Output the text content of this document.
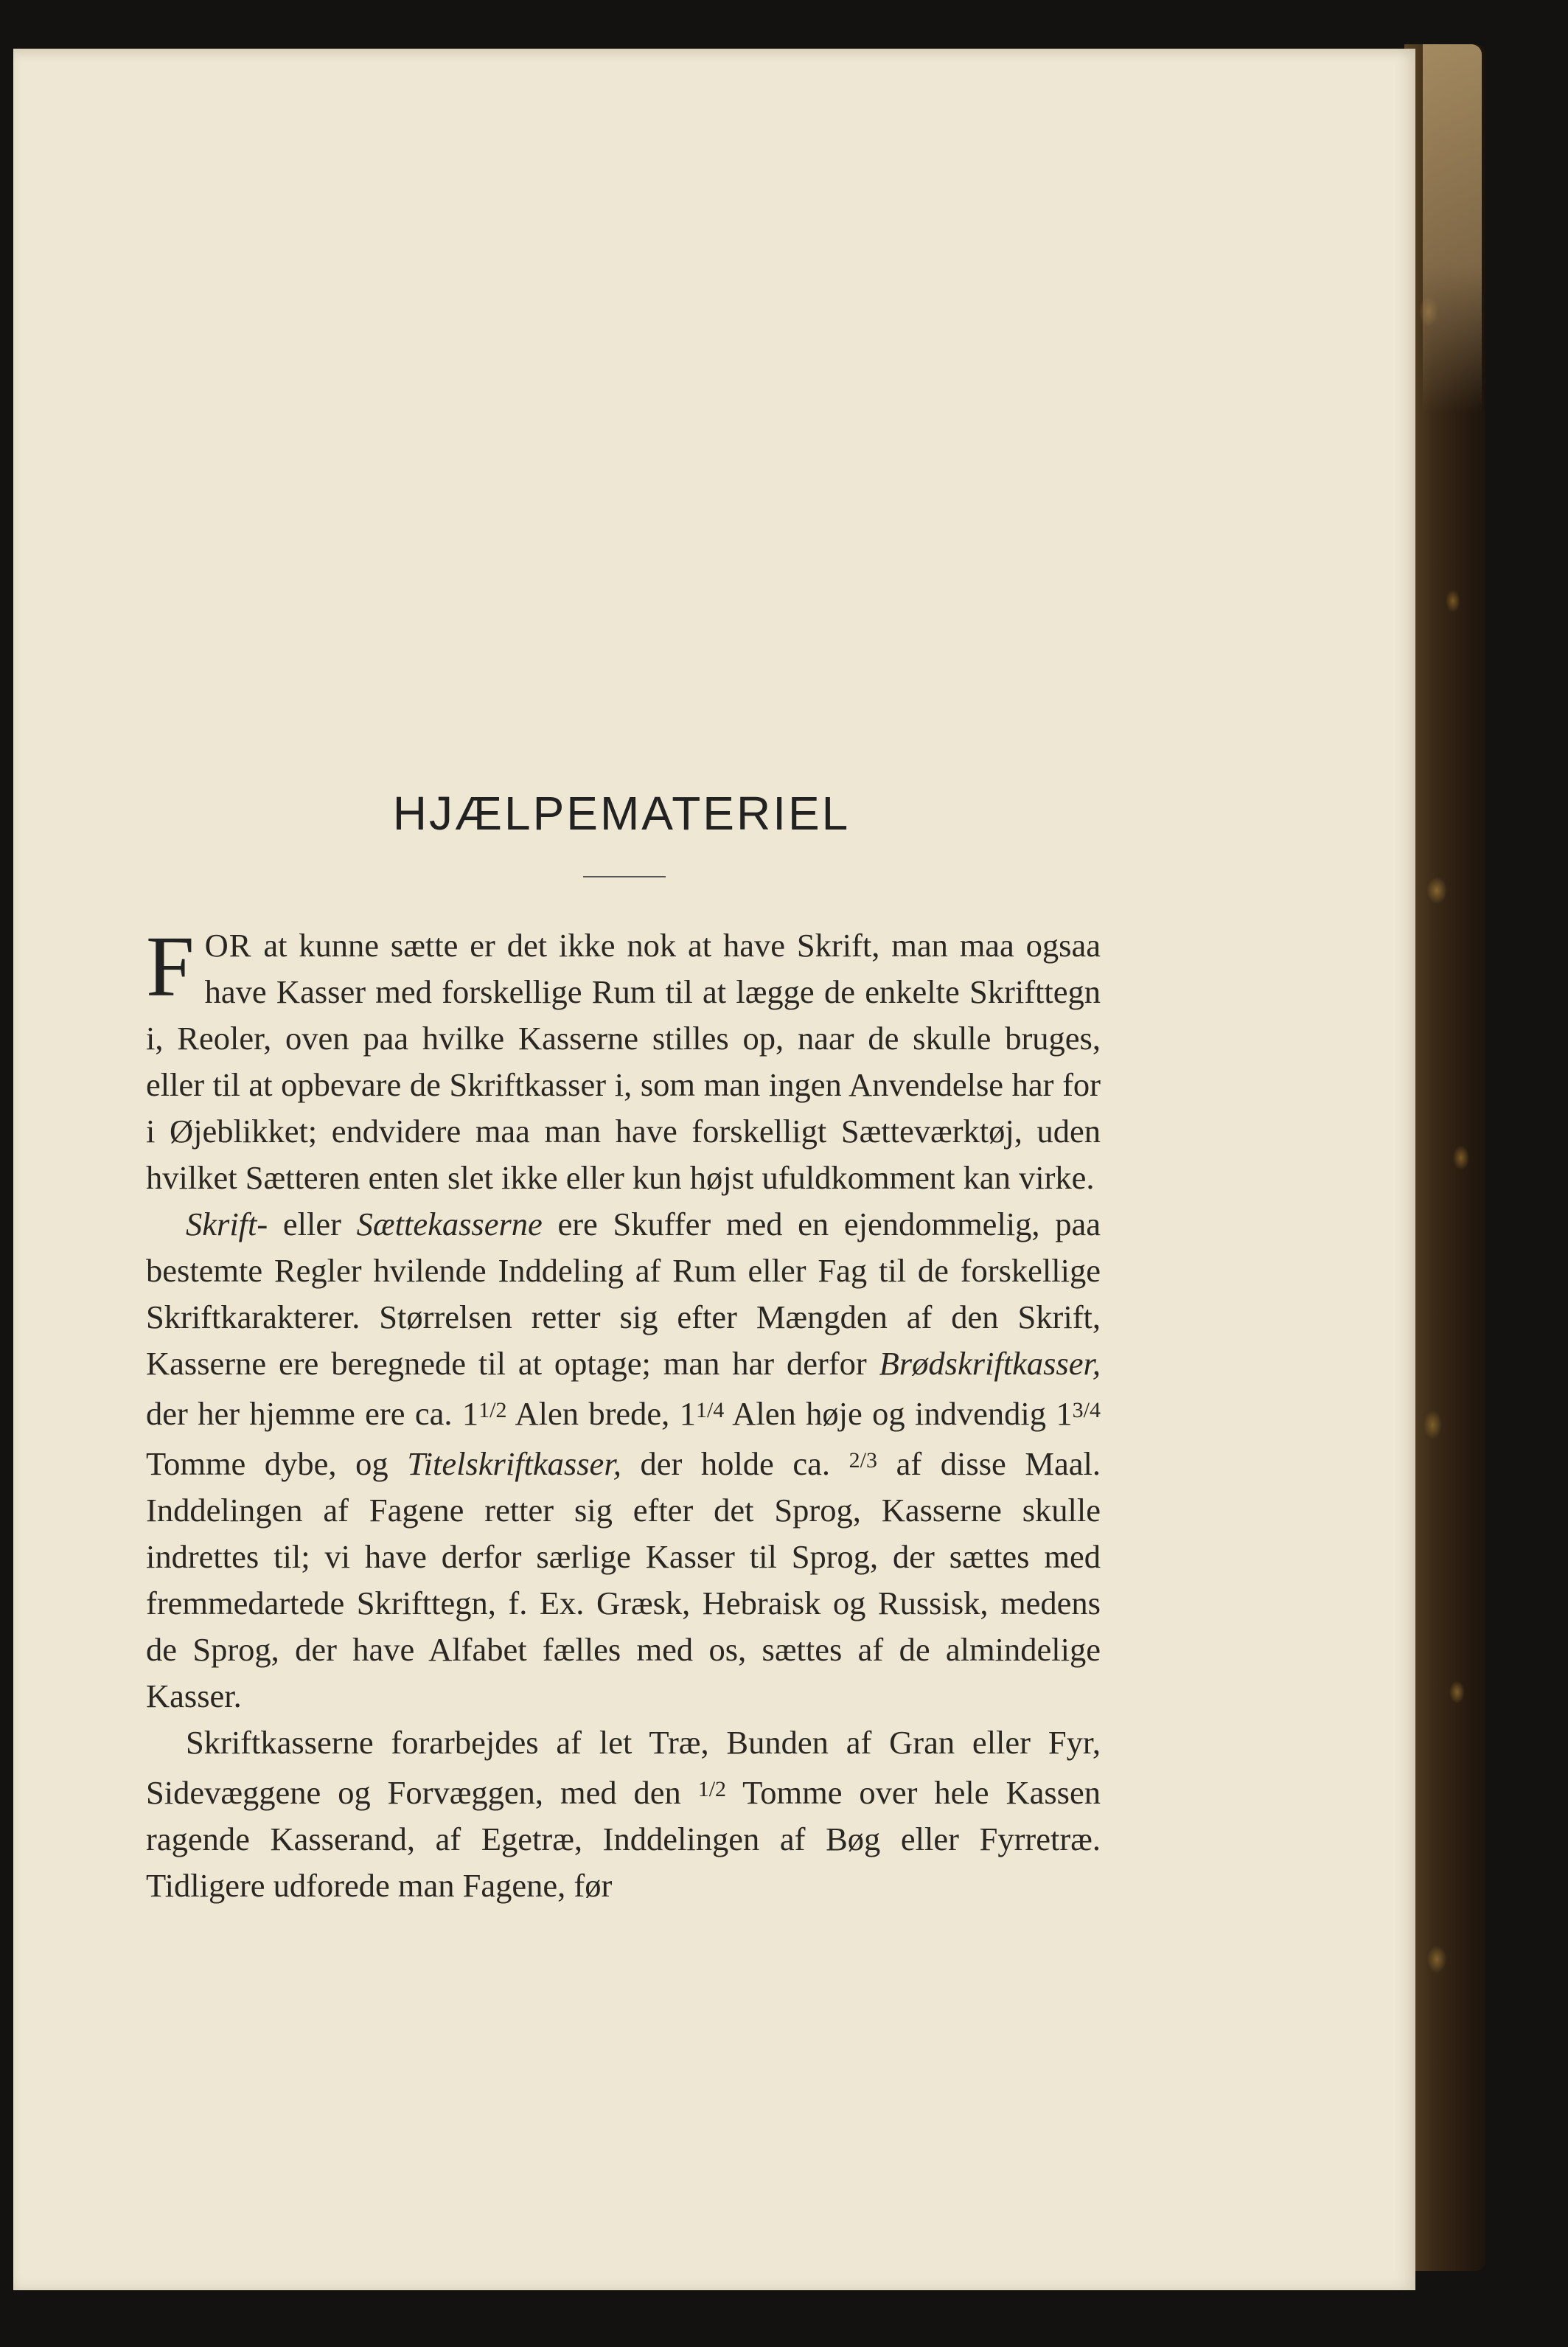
HJÆLPEMATERIEL

FOR at kunne sætte er det ikke nok at have Skrift, man maa ogsaa have Kasser med forskellige Rum til at lægge de enkelte Skrifttegn i, Reoler, oven paa hvilke Kasserne stilles op, naar de skulle bruges, eller til at opbevare de Skriftkasser i, som man ingen Anvendelse har for i Øjeblikket; endvidere maa man have forskelligt Sætteværktøj, uden hvilket Sætteren enten slet ikke eller kun højst ufuldkomment kan virke.

Skrift- eller Sættekasserne ere Skuffer med en ejendommelig, paa bestemte Regler hvilende Inddeling af Rum eller Fag til de forskellige Skriftkarakterer. Størrelsen retter sig efter Mængden af den Skrift, Kasserne ere beregnede til at optage; man har derfor Brødskriftkasser, der her hjemme ere ca. $1^{1/2}$ Alen brede, $1^{1/4}$ Alen høje og indvendig $1^{3/4}$ Tomme dybe, og Titelskriftkasser, der holde ca. $^{2/3}$ af disse Maal. Inddelingen af Fagene retter sig efter det Sprog, Kasserne skulle indrettes til; vi have derfor særlige Kasser til Sprog, der sættes med fremmedartede Skrifttegn, f. Ex. Græsk, Hebraisk og Russisk, medens de Sprog, der have Alfabet fælles med os, sættes af de almindelige Kasser.

Skriftkasserne forarbejdes af let Træ, Bunden af Gran eller Fyr, Sidevæggene og Forvæggen, med den $^{1/2}$ Tomme over hele Kassen ragende Kasserand, af Egetræ, Inddelingen af Bøg eller Fyrretræ. Tidligere udforede man Fagene, før
